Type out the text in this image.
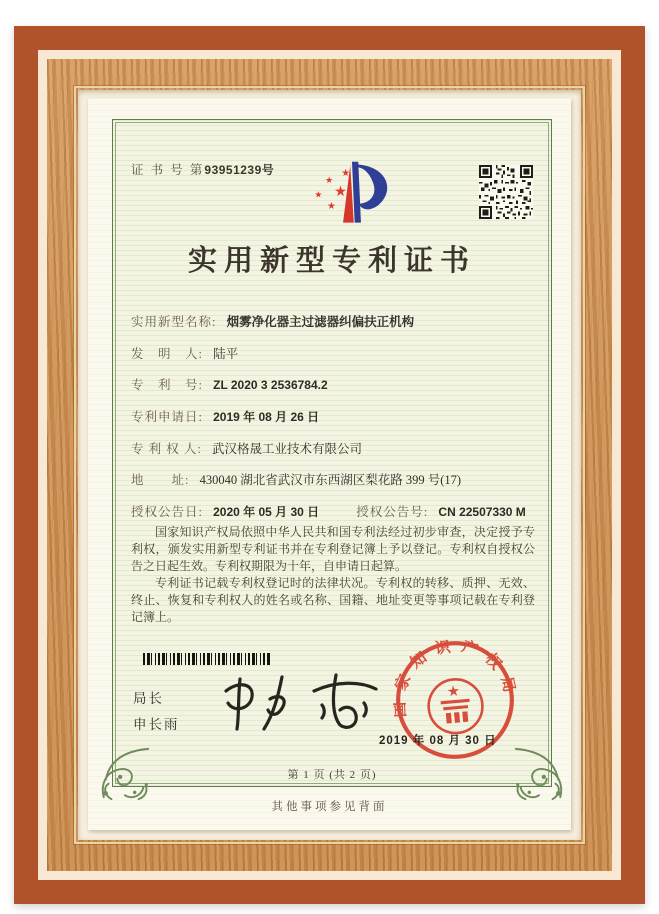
证 书 号 第93951239号	★
★
★
★
★
实用新型专利证书
实用新型名称: 烟雾净化器主过滤器纠偏扶正机构
发　明　人: 陆平
专　利　号: ZL 2020 3 2536784.2
专利申请日: 2019 年 08 月 26 日
专 利 权 人: 武汉格晟工业技术有限公司
地　　址: 430040 湖北省武汉市东西湖区梨花路 399 号(17)
授权公告日: 2020 年 05 月 30 日	授权公告号: CN 22507330 M

国家知识产权局依照中华人民共和国专利法经过初步审查，决定授予专利权，颁发实用新型专利证书并在专利登记簿上予以登记。专利权自授权公告之日起生效。专利权期限为十年，自申请日起算。

专利证书记载专利权登记时的法律状况。专利权的转移、质押、无效、终止、恢复和专利权人的姓名或名称、国籍、地址变更等事项记载在专利登记簿上。

局长
申长雨
国家知识产权局
★
2019 年 08 月 30 日
第 1 页 (共 2 页)
其他事项参见背面
